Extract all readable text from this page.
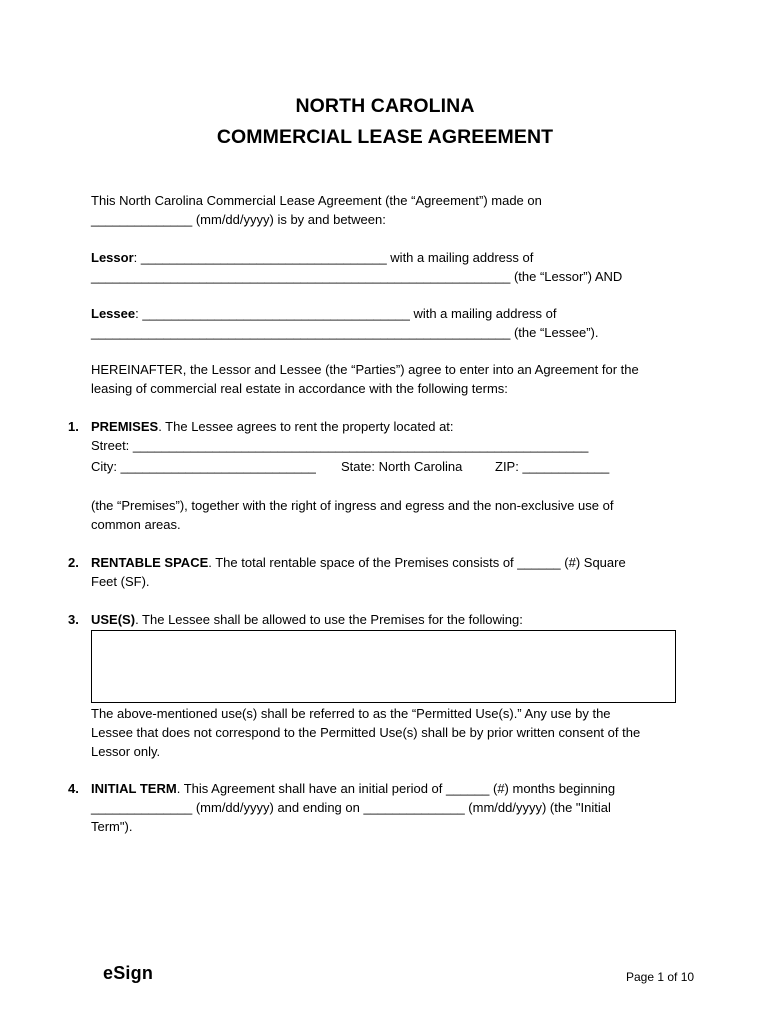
NORTH CAROLINA
COMMERCIAL LEASE AGREEMENT
This North Carolina Commercial Lease Agreement (the “Agreement”) made on
______________ (mm/dd/yyyy) is by and between:
Lessor: __________________________________ with a mailing address of
__________________________________________________________ (the “Lessor”) AND
Lessee: _____________________________________ with a mailing address of
__________________________________________________________ (the “Lessee”).
HEREINAFTER, the Lessor and Lessee (the “Parties”) agree to enter into an Agreement for the
leasing of commercial real estate in accordance with the following terms:
1. PREMISES. The Lessee agrees to rent the property located at:
Street: _______________________________________________________________
City: ___________________________ State: North Carolina	ZIP: ____________
(the “Premises”), together with the right of ingress and egress and the non-exclusive use of
common areas.
2. RENTABLE SPACE. The total rentable space of the Premises consists of ______ (#) Square
Feet (SF).
3. USE(S). The Lessee shall be allowed to use the Premises for the following:
The above-mentioned use(s) shall be referred to as the “Permitted Use(s).” Any use by the
Lessee that does not correspond to the Permitted Use(s) shall be by prior written consent of the
Lessor only.
4. INITIAL TERM. This Agreement shall have an initial period of ______ (#) months beginning
______________ (mm/dd/yyyy) and ending on ______________ (mm/dd/yyyy) (the "Initial
Term").
eSign	Page 1 of 10
